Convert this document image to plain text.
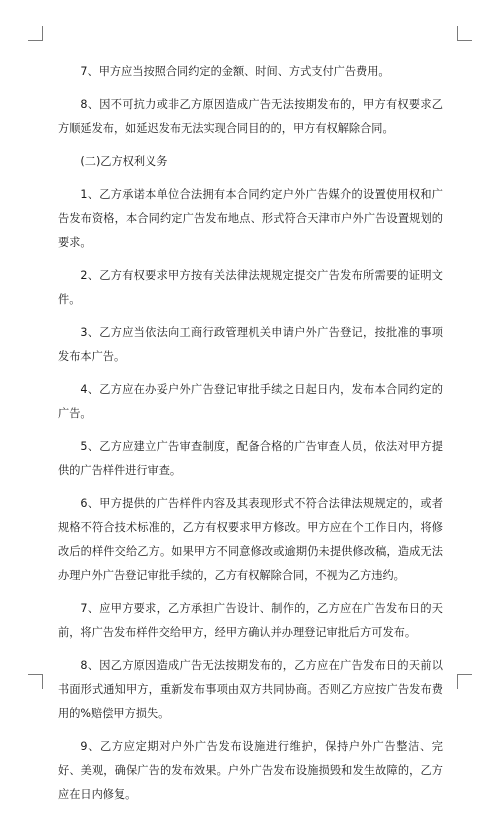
7、甲方应当按照合同约定的金额、时间、方式支付广告费用。

8、因不可抗力或非乙方原因造成广告无法按期发布的，甲方有权要求乙方顺延发布，如延迟发布无法实现合同目的的，甲方有权解除合同。

(二)乙方权利义务

1、乙方承诺本单位合法拥有本合同约定户外广告媒介的设置使用权和广告发布资格，本合同约定广告发布地点、形式符合天津市户外广告设置规划的要求。

2、乙方有权要求甲方按有关法律法规规定提交广告发布所需要的证明文件。

3、乙方应当依法向工商行政管理机关申请户外广告登记，按批准的事项发布本广告。

4、乙方应在办妥户外广告登记审批手续之日起日内，发布本合同约定的广告。

5、乙方应建立广告审查制度，配备合格的广告审查人员，依法对甲方提供的广告样件进行审查。

6、甲方提供的广告样件内容及其表现形式不符合法律法规规定的，或者规格不符合技术标准的，乙方有权要求甲方修改。甲方应在个工作日内，将修改后的样件交给乙方。如果甲方不同意修改或逾期仍未提供修改稿，造成无法办理户外广告登记审批手续的，乙方有权解除合同，不视为乙方违约。

7、应甲方要求，乙方承担广告设计、制作的，乙方应在广告发布日的天前，将广告发布样件交给甲方，经甲方确认并办理登记审批后方可发布。

8、因乙方原因造成广告无法按期发布的，乙方应在广告发布日的天前以书面形式通知甲方，重新发布事项由双方共同协商。否则乙方应按广告发布费用的%赔偿甲方损失。

9、乙方应定期对户外广告发布设施进行维护，保持户外广告整洁、完好、美观，确保广告的发布效果。户外广告发布设施损毁和发生故障的，乙方应在日内修复。
